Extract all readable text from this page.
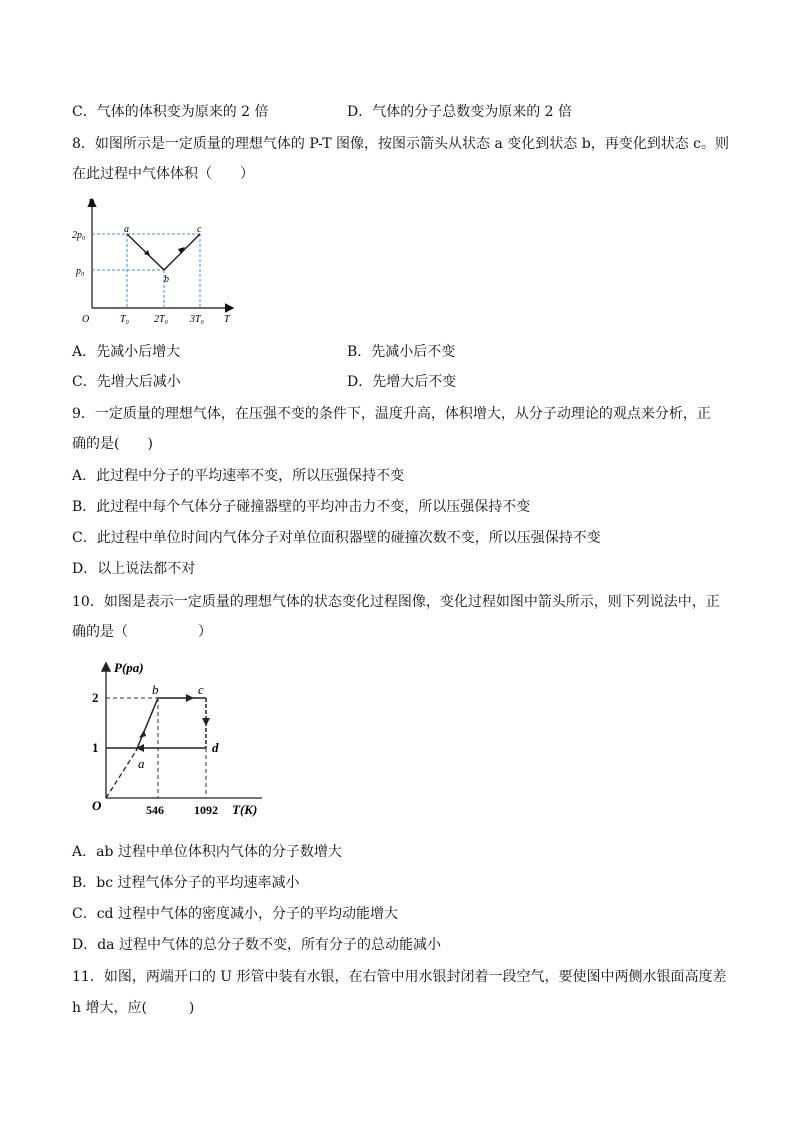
C．气体的体积变为原来的 2 倍	D．气体的分子总数变为原来的 2 倍
8．如图所示是一定质量的理想气体的 P-T 图像，按图示箭头从状态 a 变化到状态 b，再变化到状态 c。则
在此过程中气体体积（　　）
P
T
O
2p₀
p₀
T₀ 2T₀ 3T₀
a
b
c
A．先减小后增大	B．先减小后不变
C．先增大后减小	D．先增大后不变
9．一定质量的理想气体，在压强不变的条件下，温度升高，体积增大，从分子动理论的观点来分析，正
确的是(　　)
A．此过程中分子的平均速率不变，所以压强保持不变
B．此过程中每个气体分子碰撞器壁的平均冲击力不变，所以压强保持不变
C．此过程中单位时间内气体分子对单位面积器壁的碰撞次数不变，所以压强保持不变
D．以上说法都不对
10．如图是表示一定质量的理想气体的状态变化过程图像，变化过程如图中箭头所示，则下列说法中，正
确的是（　　　　　）
P(pa)
O
2
1
546	1092 T(K)
a
b	c
d
A．ab 过程中单位体积内气体的分子数增大
B．bc 过程气体分子的平均速率减小
C．cd 过程中气体的密度减小，分子的平均动能增大
D．da 过程中气体的总分子数不变，所有分子的总动能减小
11．如图，两端开口的 U 形管中装有水银，在右管中用水银封闭着一段空气，要使图中两侧水银面高度差
h 增大，应(　　　)
